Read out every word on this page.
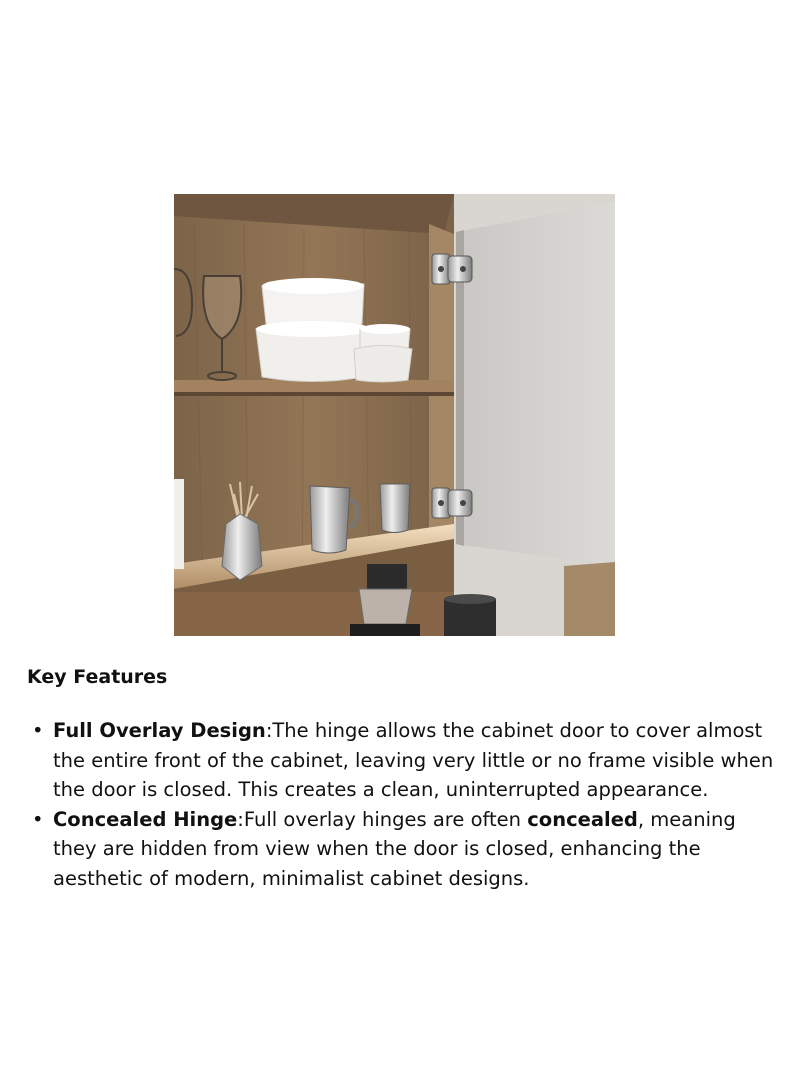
Key Features
• Full Overlay Design:The hinge allows the cabinet door to cover almost the entire front of the cabinet, leaving very little or no frame visible when the door is closed. This creates a clean, uninterrupted appearance.
• Concealed Hinge:Full overlay hinges are often concealed, meaning they are hidden from view when the door is closed, enhancing the aesthetic of modern, minimalist cabinet designs.
